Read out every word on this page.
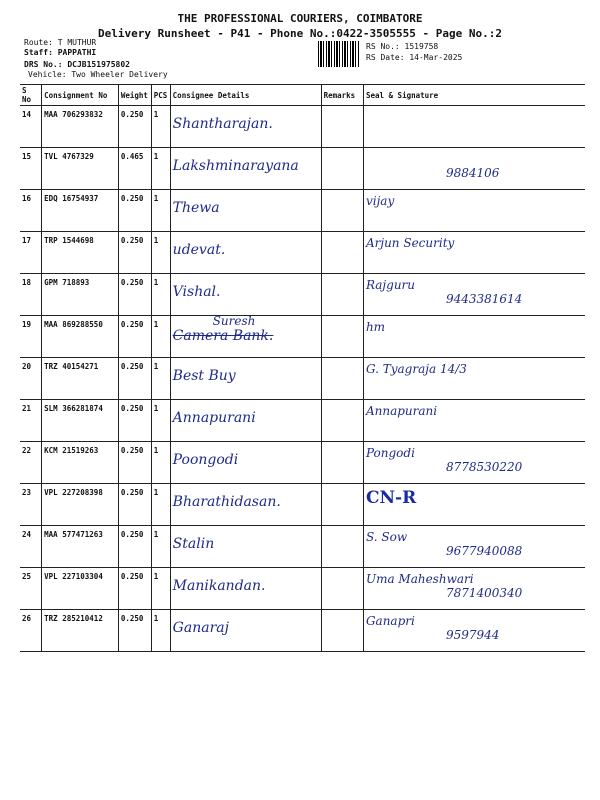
THE PROFESSIONAL COURIERS, COIMBATORE
Delivery Runsheet - P41 - Phone No.:0422-3505555 - Page No.:2
Route: T MUTHUR
Staff: PAPPATHI
DRS No.: DCJB151975802
Vehicle: Two Wheeler Delivery
RS No.: 1519758
RS Date: 14-Mar-2025
S No	Consignment No	Weight	PCS	Consignee Details	Remarks	Seal & Signature
14	MAA 706293832	0.250	1	Shantharajan.		

15	TVL 4767329	0.465	1	Lakshminarayana		9884106

16	EDQ 16754937	0.250	1	Thewa		vijay

17	TRP 1544698	0.250	1	udevat.		Arjun Security

18	GPM 718893	0.250	1	Vishal.		Rajguru
9443381614

19	MAA 869288550	0.250	1	Suresh
Camera Bank.		hm

20	TRZ 40154271	0.250	1	Best Buy		G. Tyagraja 14/3

21	SLM 366281874	0.250	1	Annapurani		Annapurani

22	KCM 21519263	0.250	1	Poongodi		Pongodi
8778530220

23	VPL 227208398	0.250	1	Bharathidasan.		CN-R

24	MAA 577471263	0.250	1	Stalin		S. Sow
9677940088

25	VPL 227103304	0.250	1	Manikandan.		Uma Maheshwari
7871400340

26	TRZ 285210412	0.250	1	Ganaraj		Ganapri
9597944
